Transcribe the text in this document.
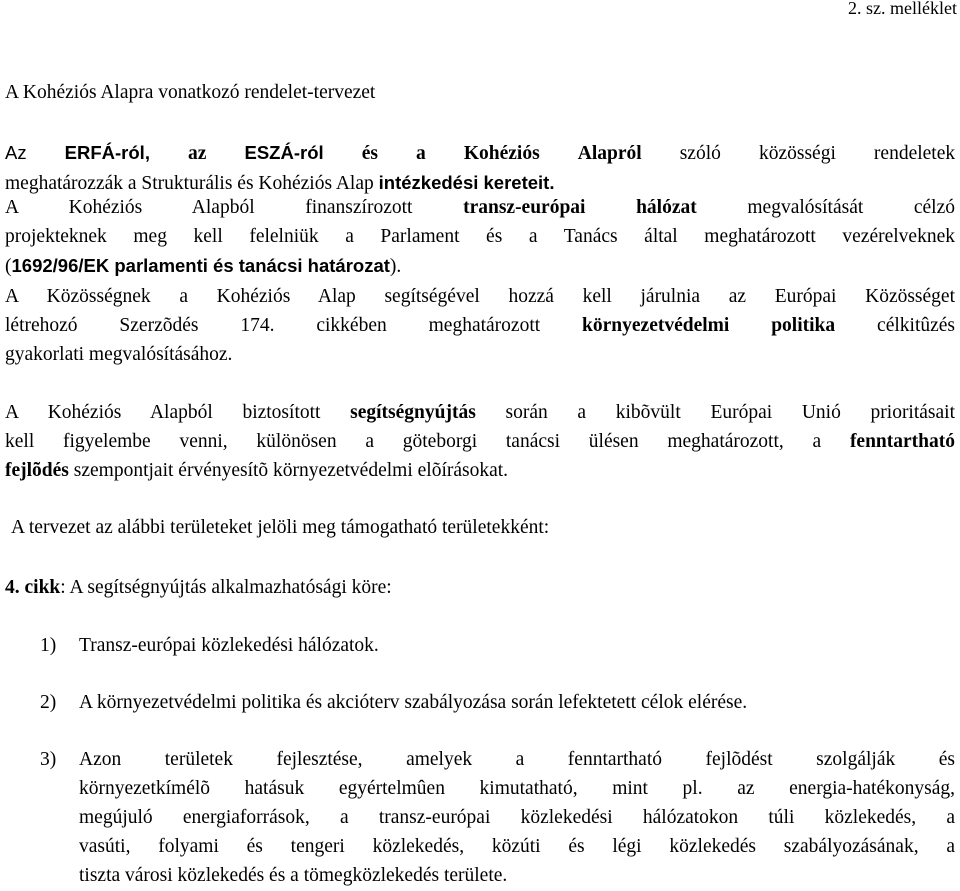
2. sz. melléklet
A Kohéziós Alapra vonatkozó rendelet-tervezet
Az ERFÁ-ról, az ESZÁ-ról és a Kohéziós Alapról szóló közösségi rendeletek
meghatározzák a Strukturális és Kohéziós Alap intézkedési kereteit.
A Kohéziós Alapból finanszírozott	transz-európai hálózat	megvalósítását célzó
projekteknek meg kell felelniük a Parlament és a Tanács által meghatározott vezérelveknek
(1692/96/EK parlamenti és tanácsi határozat).
A Közösségnek a Kohéziós Alap segítségével hozzá kell járulnia az Európai Közösséget
létrehozó Szerzõdés 174. cikkében meghatározott környezetvédelmi politika célkitûzés
gyakorlati megvalósításához.
A Kohéziós Alapból biztosított segítségnyújtás során a kibõvült Európai Unió prioritásait
kell figyelembe venni, különösen a göteborgi tanácsi ülésen meghatározott, a fenntartható
fejlõdés szempontjait érvényesítõ környezetvédelmi elõírásokat.
A tervezet az alábbi területeket jelöli meg támogatható területekként:
4. cikk: A segítségnyújtás alkalmazhatósági köre:
1) Transz-európai közlekedési hálózatok.
2) A környezetvédelmi politika és akcióterv szabályozása során lefektetett célok elérése.
3) Azon területek fejlesztése, amelyek a fenntartható fejlõdést szolgálják és
környezetkímélõ hatásuk egyértelmûen kimutatható, mint pl. az energia-hatékonyság,
megújuló energiaforrások, a transz-európai közlekedési hálózatokon túli közlekedés, a
vasúti, folyami és tengeri közlekedés, közúti és légi közlekedés szabályozásának, a
tiszta városi közlekedés és a tömegközlekedés területe.
